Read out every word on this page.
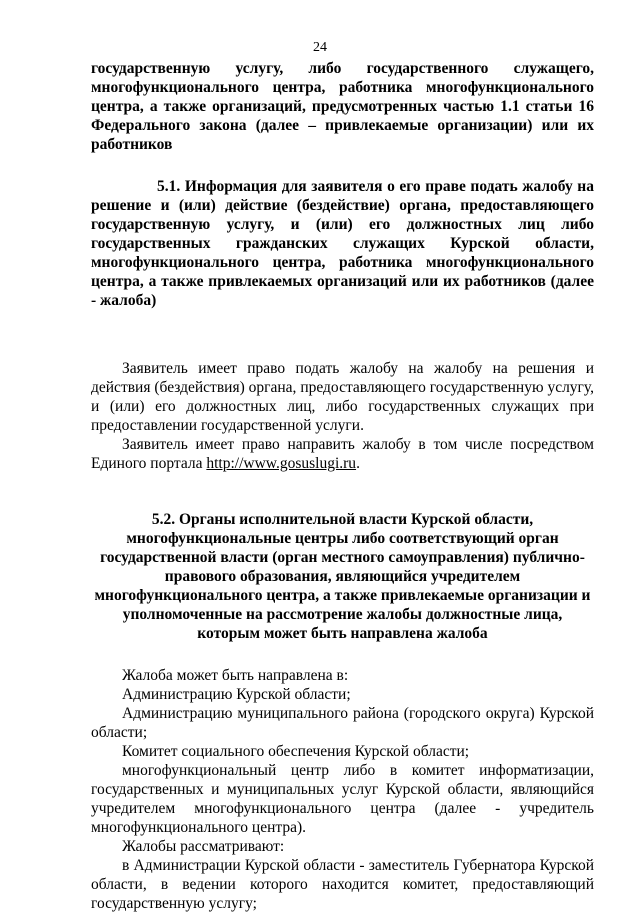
24

государственную услугу, либо государственного служащего, многофункционального центра, работника многофункционального центра, а также организаций, предусмотренных частью 1.1 статьи 16 Федерального закона (далее – привлекаемые организации) или их работников

5.1. Информация для заявителя о его праве подать жалобу на решение и (или) действие (бездействие) органа, предоставляющего государственную услугу, и (или) его должностных лиц либо государственных гражданских служащих Курской области, многофункционального центра, работника многофункционального центра, а также привлекаемых организаций или их работников (далее - жалоба)

Заявитель имеет право подать жалобу на жалобу на решения и действия (бездействия) органа, предоставляющего государственную услугу, и (или) его должностных лиц, либо государственных служащих при предоставлении государственной услуги.

Заявитель имеет право направить жалобу в том числе посредством Единого портала http://www.gosuslugi.ru.

5.2. Органы исполнительной власти Курской области, многофункциональные центры либо соответствующий орган государственной власти (орган местного самоуправления) публично-правового образования, являющийся учредителем многофункционального центра, а также привлекаемые организации и уполномоченные на рассмотрение жалобы должностные лица, которым может быть направлена жалоба

Жалоба может быть направлена в:

Администрацию Курской области;

Администрацию муниципального района (городского округа) Курской области;

Комитет социального обеспечения Курской области;

многофункциональный центр либо в комитет информатизации, государственных и муниципальных услуг Курской области, являющийся учредителем многофункционального центра (далее - учредитель многофункционального центра).

Жалобы рассматривают:

в Администрации Курской области - заместитель Губернатора Курской области, в ведении которого находится комитет, предоставляющий государственную услугу;
